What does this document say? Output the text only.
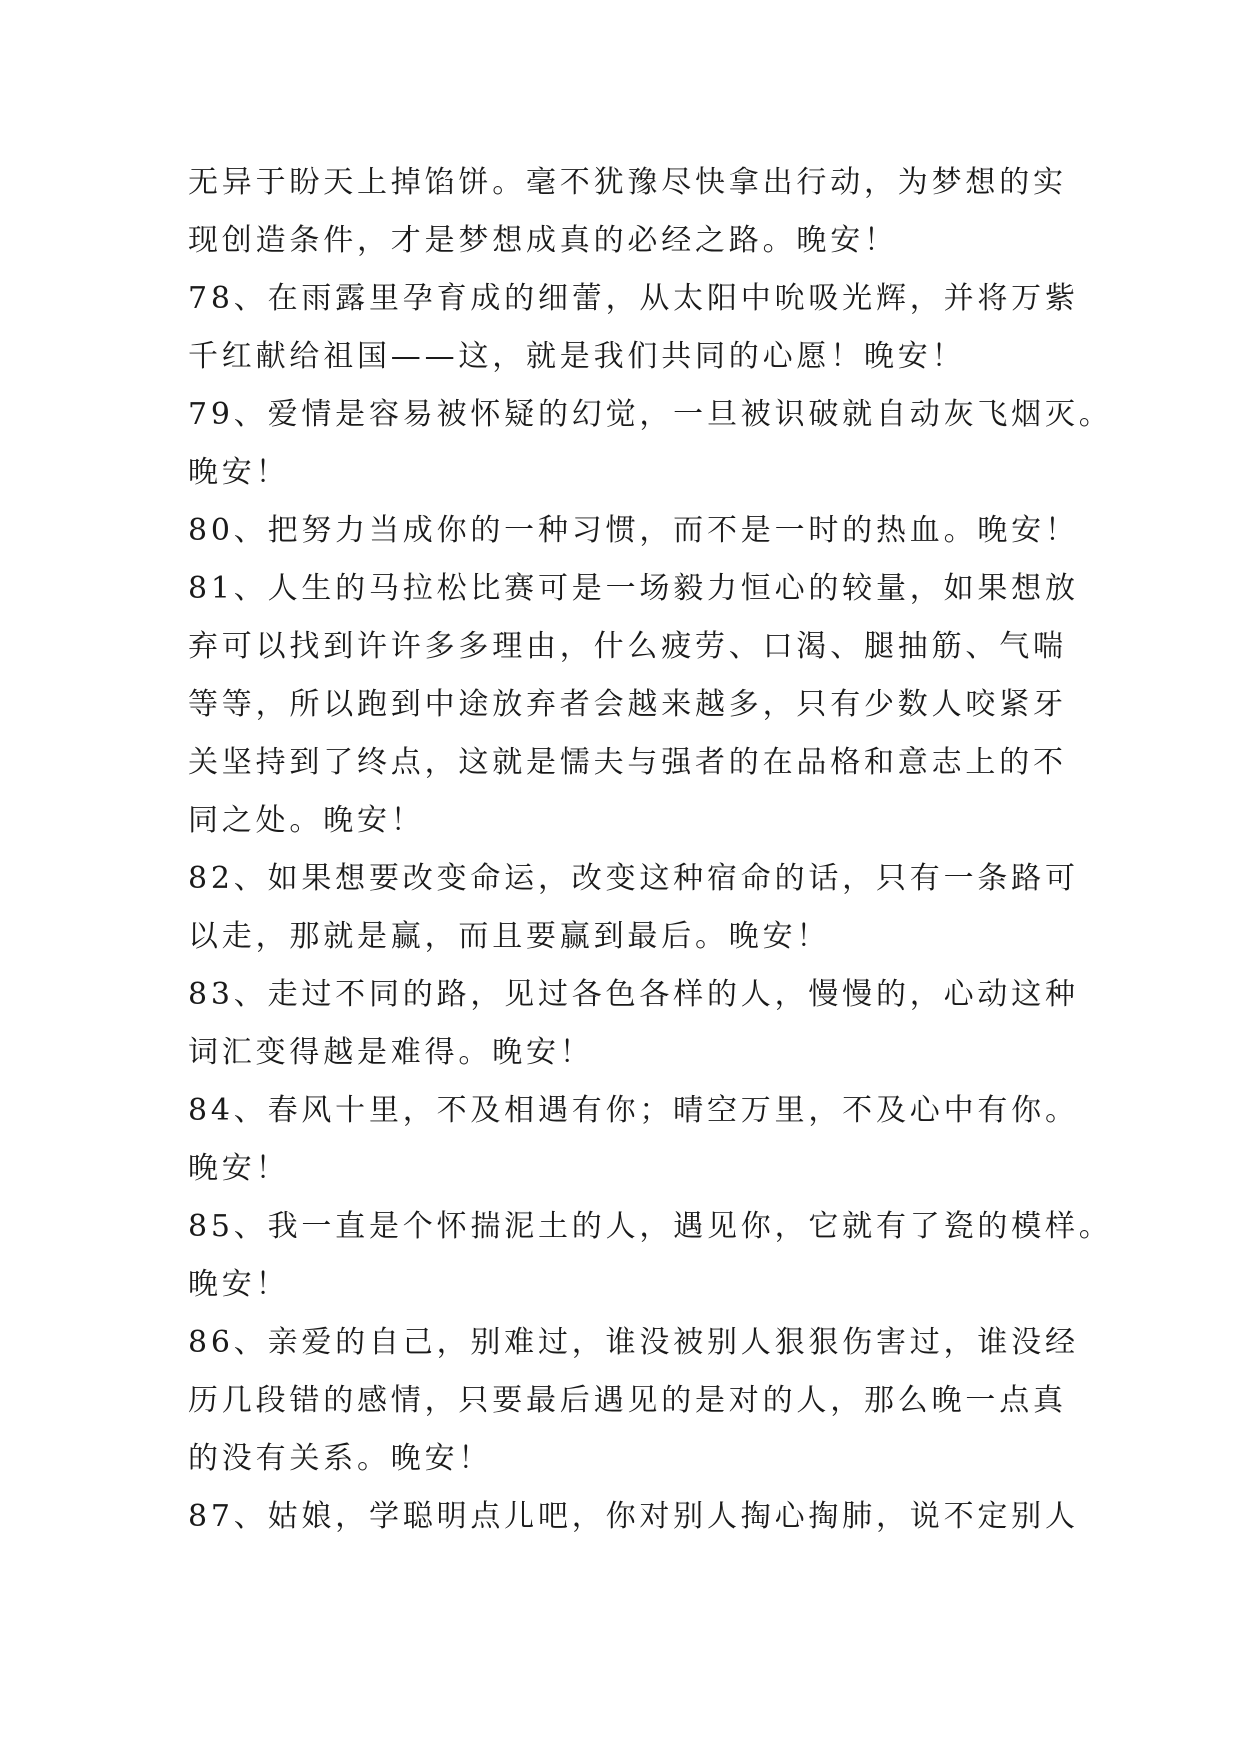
无异于盼天上掉馅饼。毫不犹豫尽快拿出行动，为梦想的实
现创造条件，才是梦想成真的必经之路。晚安！
78、在雨露里孕育成的细蕾，从太阳中吮吸光辉，并将万紫
千红献给祖国——这，就是我们共同的心愿！晚安！
79、爱情是容易被怀疑的幻觉，一旦被识破就自动灰飞烟灭。
晚安！
80、把努力当成你的一种习惯，而不是一时的热血。晚安！
81、人生的马拉松比赛可是一场毅力恒心的较量，如果想放
弃可以找到许许多多理由，什么疲劳、口渴、腿抽筋、气喘
等等，所以跑到中途放弃者会越来越多，只有少数人咬紧牙
关坚持到了终点，这就是懦夫与强者的在品格和意志上的不
同之处。晚安！
82、如果想要改变命运，改变这种宿命的话，只有一条路可
以走，那就是赢，而且要赢到最后。晚安！
83、走过不同的路，见过各色各样的人，慢慢的，心动这种
词汇变得越是难得。晚安！
84、春风十里，不及相遇有你；晴空万里，不及心中有你。
晚安！
85、我一直是个怀揣泥土的人，遇见你，它就有了瓷的模样。
晚安！
86、亲爱的自己，别难过，谁没被别人狠狠伤害过，谁没经
历几段错的感情，只要最后遇见的是对的人，那么晚一点真
的没有关系。晚安！
87、姑娘，学聪明点儿吧，你对别人掏心掏肺，说不定别人
